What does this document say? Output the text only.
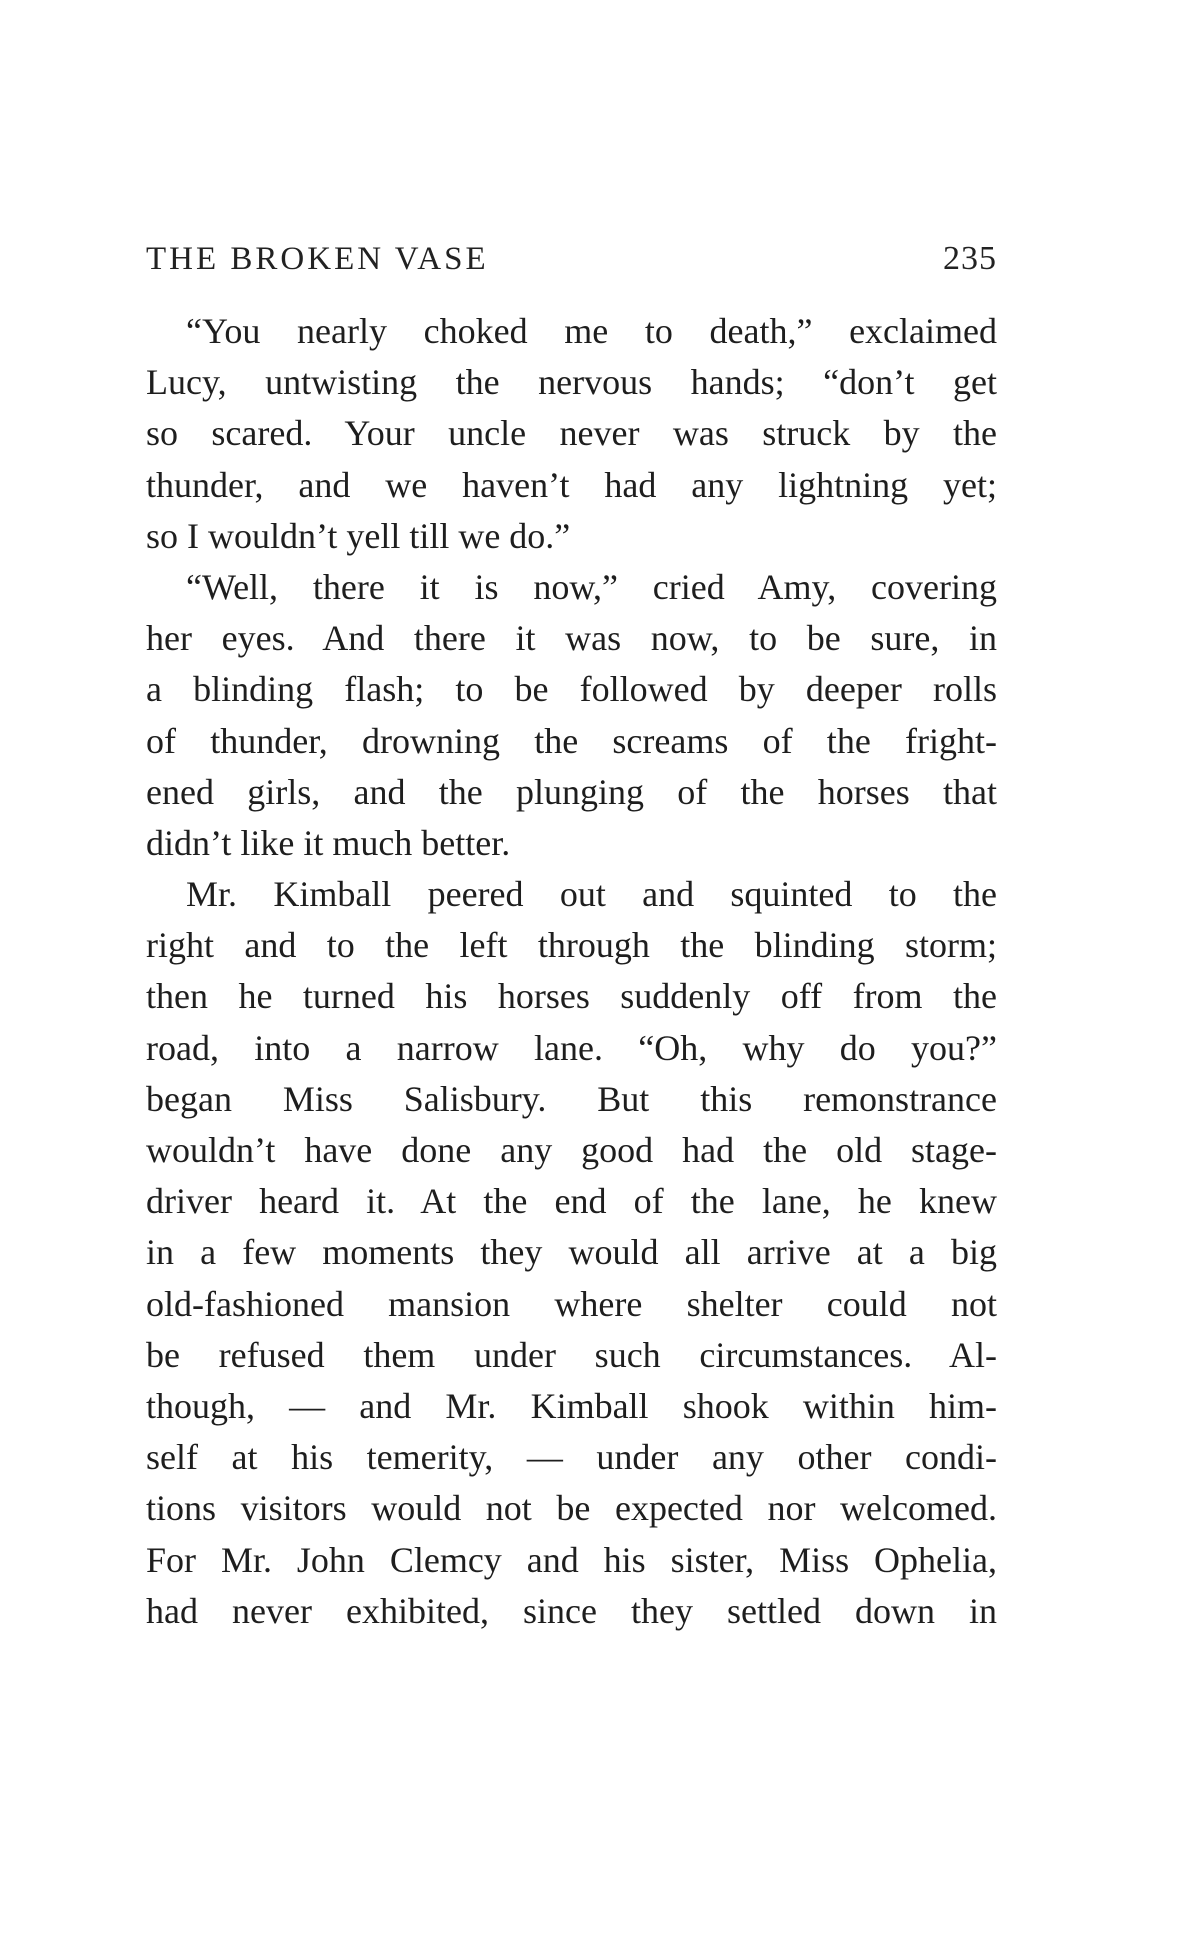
THE BROKEN VASE	235
“You nearly choked me to death,” exclaimed
Lucy, untwisting the nervous hands; “don’t get
so scared. Your uncle never was struck by the
thunder, and we haven’t had any lightning yet;
so I wouldn’t yell till we do.”
“Well, there it is now,” cried Amy, covering
her eyes. And there it was now, to be sure, in
a blinding flash; to be followed by deeper rolls
of thunder, drowning the screams of the fright-
ened girls, and the plunging of the horses that
didn’t like it much better.
Mr. Kimball peered out and squinted to the
right and to the left through the blinding storm;
then he turned his horses suddenly off from the
road, into a narrow lane. “Oh, why do you?”
began Miss Salisbury. But this remonstrance
wouldn’t have done any good had the old stage-
driver heard it. At the end of the lane, he knew
in a few moments they would all arrive at a big
old-fashioned mansion where shelter could not
be refused them under such circumstances. Al-
though, — and Mr. Kimball shook within him-
self at his temerity, — under any other condi-
tions visitors would not be expected nor welcomed.
For Mr. John Clemcy and his sister, Miss Ophelia,
had never exhibited, since they settled down in
